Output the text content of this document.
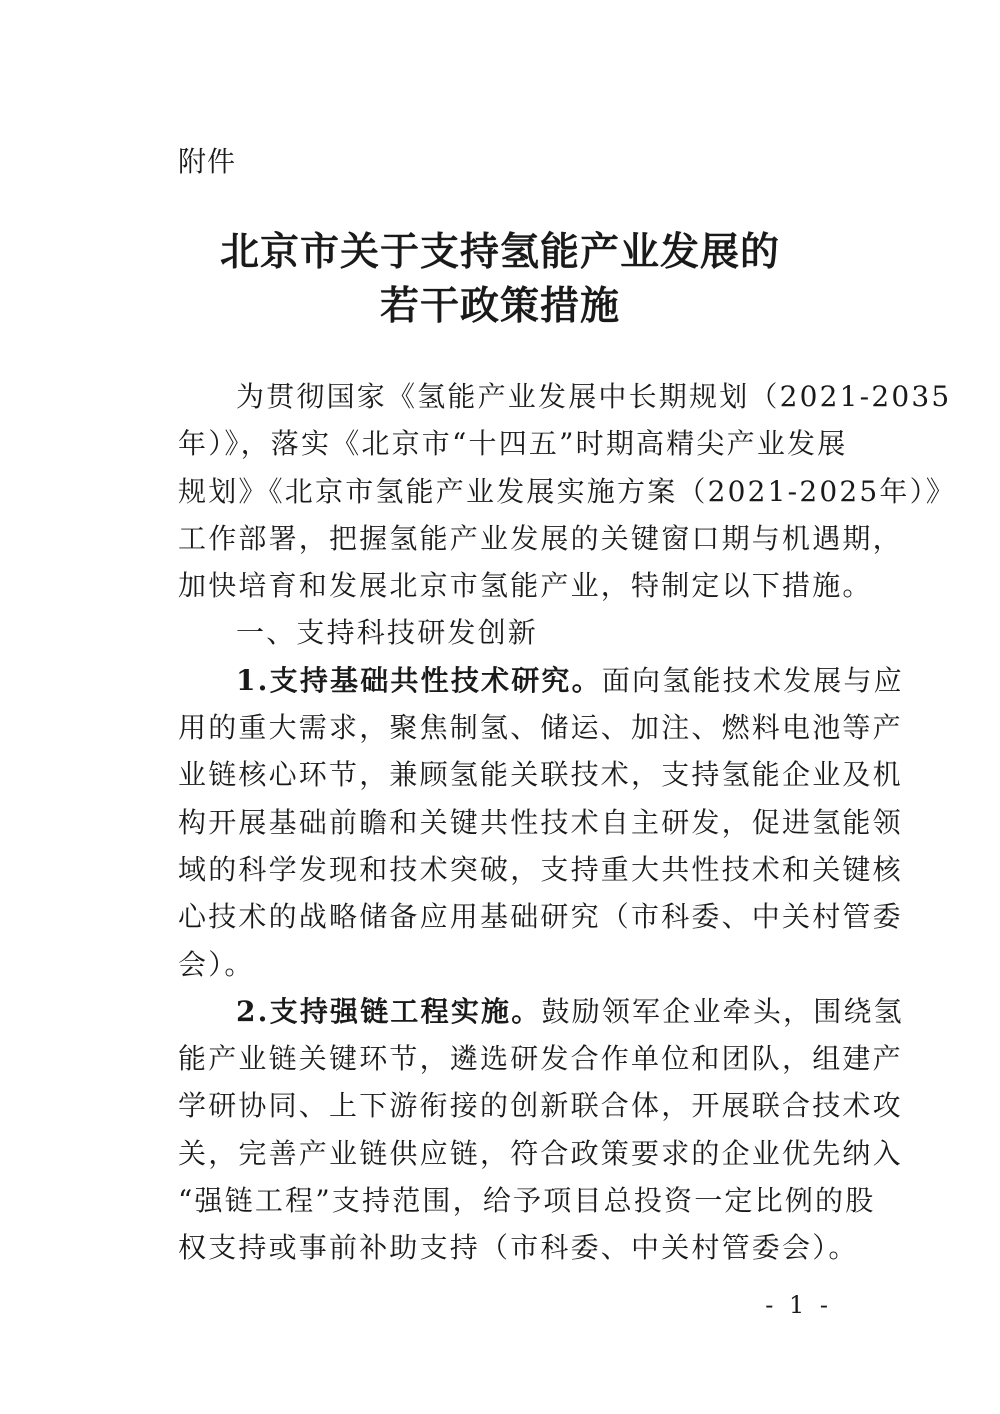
附件
北京市关于支持氢能产业发展的
若干政策措施
为贯彻国家《氢能产业发展中长期规划（2021-2035
年）》，落实《北京市“十四五”时期高精尖产业发展
规划》《北京市氢能产业发展实施方案（2021-2025年）》
工作部署，把握氢能产业发展的关键窗口期与机遇期，
加快培育和发展北京市氢能产业，特制定以下措施。
一、支持科技研发创新
1.支持基础共性技术研究。面向氢能技术发展与应
用的重大需求，聚焦制氢、储运、加注、燃料电池等产
业链核心环节，兼顾氢能关联技术，支持氢能企业及机
构开展基础前瞻和关键共性技术自主研发，促进氢能领
域的科学发现和技术突破，支持重大共性技术和关键核
心技术的战略储备应用基础研究（市科委、中关村管委
会）。
2.支持强链工程实施。鼓励领军企业牵头，围绕氢
能产业链关键环节，遴选研发合作单位和团队，组建产
学研协同、上下游衔接的创新联合体，开展联合技术攻
关，完善产业链供应链，符合政策要求的企业优先纳入
“强链工程”支持范围，给予项目总投资一定比例的股
权支持或事前补助支持（市科委、中关村管委会）。
- 1 -
